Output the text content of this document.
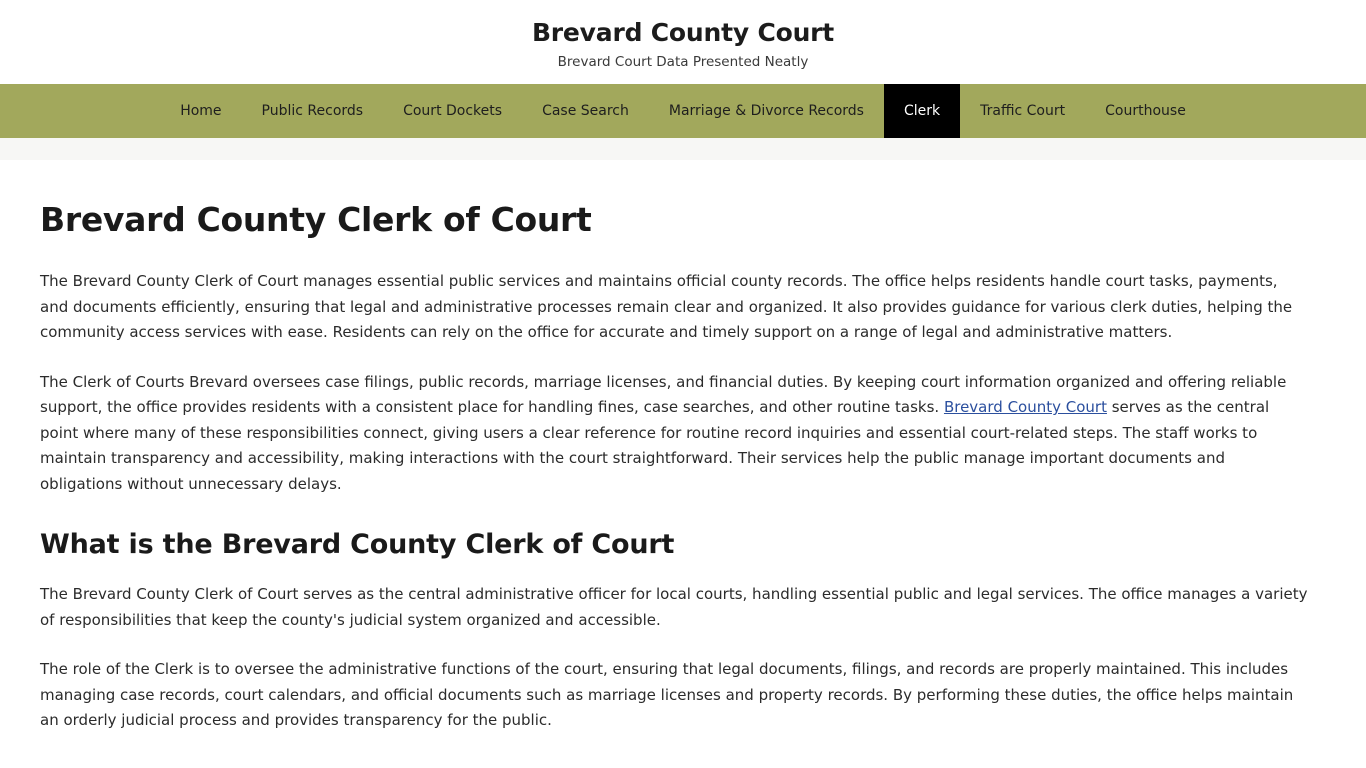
Brevard County Court
Brevard Court Data Presented Neatly
Home	Public Records	Court Dockets	Case Search	Marriage & Divorce Records	Clerk	Traffic Court	Courthouse
Brevard County Clerk of Court

The Brevard County Clerk of Court manages essential public services and maintains official county records. The office helps residents handle court tasks, payments, and documents efficiently, ensuring that legal and administrative processes remain clear and organized. It also provides guidance for various clerk duties, helping the community access services with ease. Residents can rely on the office for accurate and timely support on a range of legal and administrative matters.

The Clerk of Courts Brevard oversees case filings, public records, marriage licenses, and financial duties. By keeping court information organized and offering reliable support, the office provides residents with a consistent place for handling fines, case searches, and other routine tasks. Brevard County Court serves as the central point where many of these responsibilities connect, giving users a clear reference for routine record inquiries and essential court-related steps. The staff works to maintain transparency and accessibility, making interactions with the court straightforward. Their services help the public manage important documents and obligations without unnecessary delays.

What is the Brevard County Clerk of Court

The Brevard County Clerk of Court serves as the central administrative officer for local courts, handling essential public and legal services. The office manages a variety of responsibilities that keep the county's judicial system organized and accessible.

The role of the Clerk is to oversee the administrative functions of the court, ensuring that legal documents, filings, and records are properly maintained. This includes managing case records, court calendars, and official documents such as marriage licenses and property records. By performing these duties, the office helps maintain an orderly judicial process and provides transparency for the public.
